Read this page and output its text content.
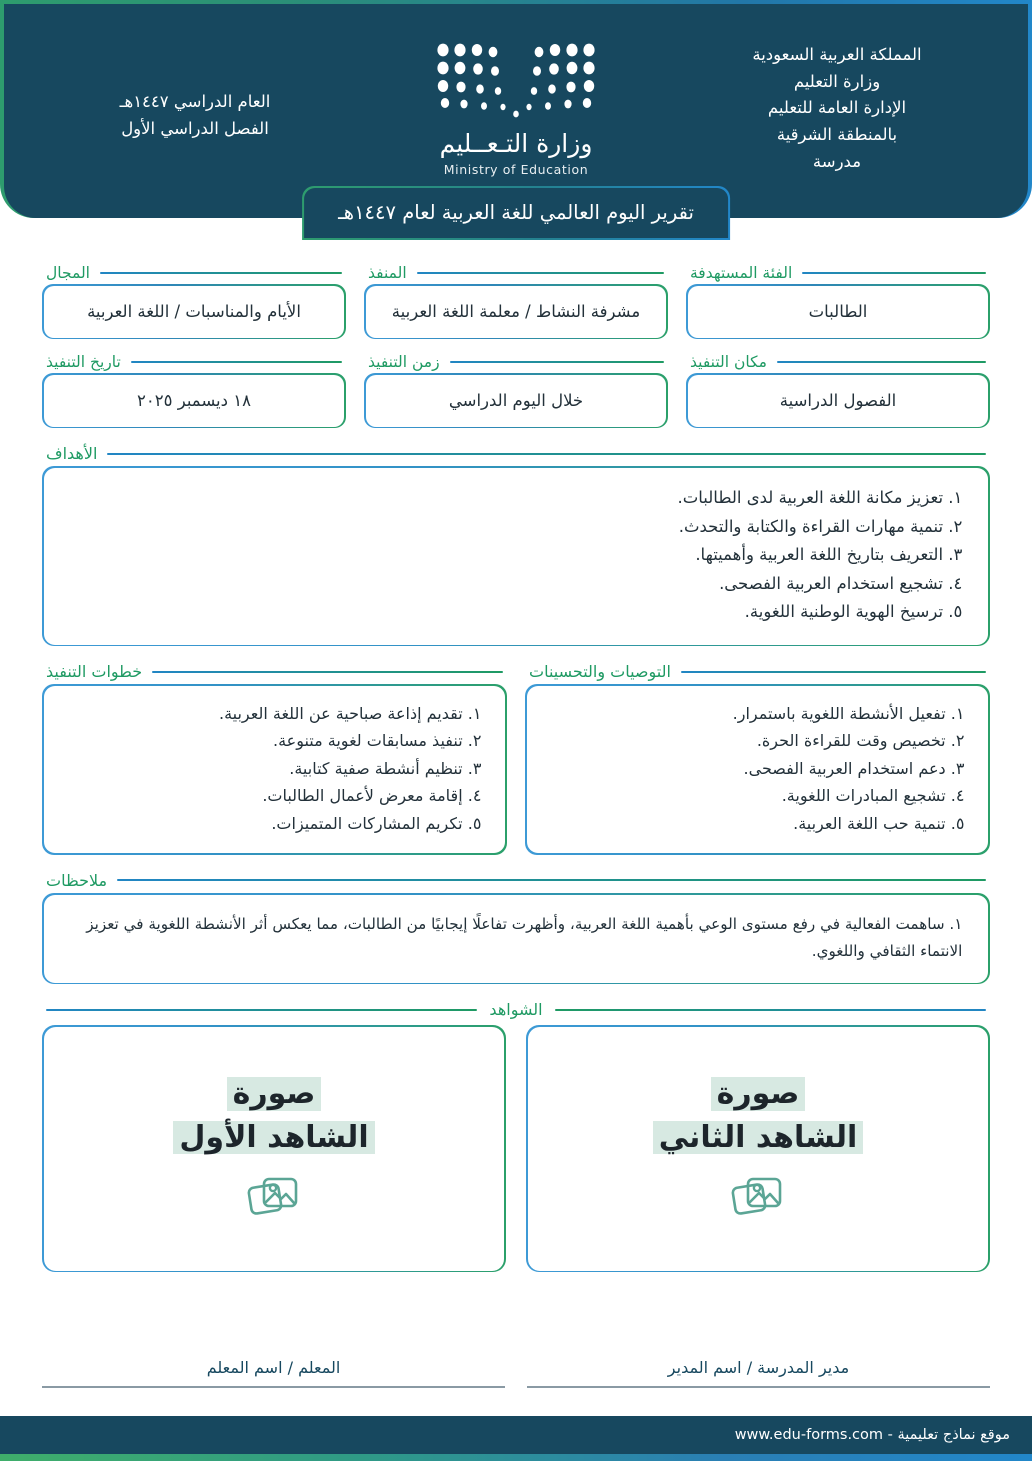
المملكة العربية السعودية
وزارة التعليم
الإدارة العامة للتعليم
بالمنطقة الشرقية
مدرسة
وزارة التـعــليم
Ministry of Education
العام الدراسي ١٤٤٧هـ
الفصل الدراسي الأول
تقرير اليوم العالمي للغة العربية لعام ١٤٤٧هـ
الفئة المستهدفة
الطالبات
المنفذ
مشرفة النشاط / معلمة اللغة العربية
المجال
الأيام والمناسبات / اللغة العربية
مكان التنفيذ
الفصول الدراسية
زمن التنفيذ
خلال اليوم الدراسي
تاريخ التنفيذ
١٨ ديسمبر ٢٠٢٥
الأهداف
١. تعزيز مكانة اللغة العربية لدى الطالبات.
٢. تنمية مهارات القراءة والكتابة والتحدث.
٣. التعريف بتاريخ اللغة العربية وأهميتها.
٤. تشجيع استخدام العربية الفصحى.
٥. ترسيخ الهوية الوطنية اللغوية.
التوصيات والتحسينات
١. تفعيل الأنشطة اللغوية باستمرار.
٢. تخصيص وقت للقراءة الحرة.
٣. دعم استخدام العربية الفصحى.
٤. تشجيع المبادرات اللغوية.
٥. تنمية حب اللغة العربية.
خطوات التنفيذ
١. تقديم إذاعة صباحية عن اللغة العربية.
٢. تنفيذ مسابقات لغوية متنوعة.
٣. تنظيم أنشطة صفية كتابية.
٤. إقامة معرض لأعمال الطالبات.
٥. تكريم المشاركات المتميزات.
ملاحظات
١. ساهمت الفعالية في رفع مستوى الوعي بأهمية اللغة العربية، وأظهرت تفاعلًا إيجابيًا من الطالبات، مما يعكس أثر الأنشطة اللغوية في تعزيز الانتماء الثقافي واللغوي.
الشواهد
صورة
الشاهد الثاني
صورة
الشاهد الأول
مدير المدرسة / اسم المدير
المعلم / اسم المعلم
موقع نماذج تعليمية - www.edu-forms.com
